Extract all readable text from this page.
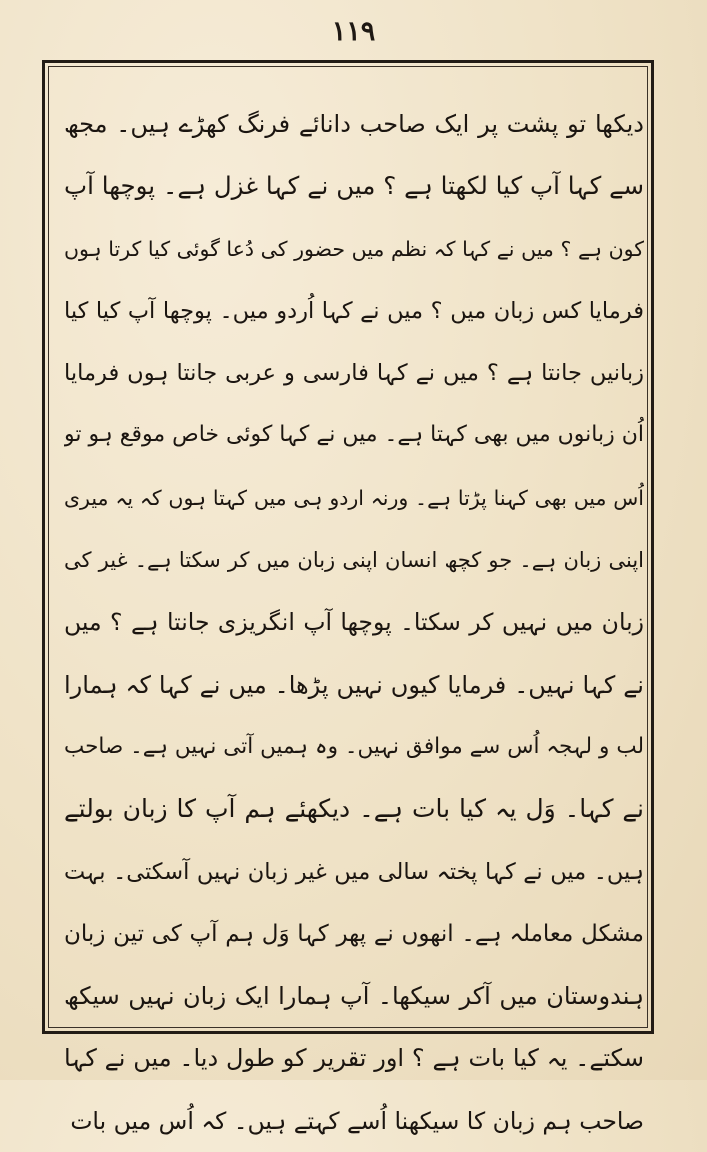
۱۱۹
دیکھا تو پشت پر ایک صاحب دانائے فرنگ کھڑے ہیں۔ مجھ
سے کہا آپ کیا لکھتا ہے ؟ میں نے کہا غزل ہے۔ پوچھا آپ
کون ہے ؟ میں نے کہا کہ نظم میں حضور کی دُعا گوئی کیا کرتا ہوں
فرمایا کس زبان میں ؟ میں نے کہا اُردو میں۔ پوچھا آپ کیا کیا
زبانیں جانتا ہے ؟ میں نے کہا فارسی و عربی جانتا ہوں فرمایا
اُن زبانوں میں بھی کہتا ہے۔ میں نے کہا کوئی خاص موقع ہو تو
اُس میں بھی کہنا پڑتا ہے۔ ورنہ اردو ہی میں کہتا ہوں کہ یہ میری
اپنی زبان ہے۔ جو کچھ انسان اپنی زبان میں کر سکتا ہے۔ غیر کی
زبان میں نہیں کر سکتا۔ پوچھا آپ انگریزی جانتا ہے ؟ میں
نے کہا نہیں۔ فرمایا کیوں نہیں پڑھا۔ میں نے کہا کہ ہمارا
لب و لہجہ اُس سے موافق نہیں۔ وہ ہمیں آتی نہیں ہے۔ صاحب
نے کہا۔ وَل یہ کیا بات ہے۔ دیکھئے ہم آپ کا زبان بولتے
ہیں۔ میں نے کہا پختہ سالی میں غیر زبان نہیں آسکتی۔ بہت
مشکل معاملہ ہے۔ انھوں نے پھر کہا وَل ہم آپ کی تین زبان
ہندوستان میں آکر سیکھا۔ آپ ہمارا ایک زبان نہیں سیکھ
سکتے۔ یہ کیا بات ہے ؟ اور تقریر کو طول دیا۔ میں نے کہا
صاحب ہم زبان کا سیکھنا اُسے کہتے ہیں۔ کہ اُس میں بات
